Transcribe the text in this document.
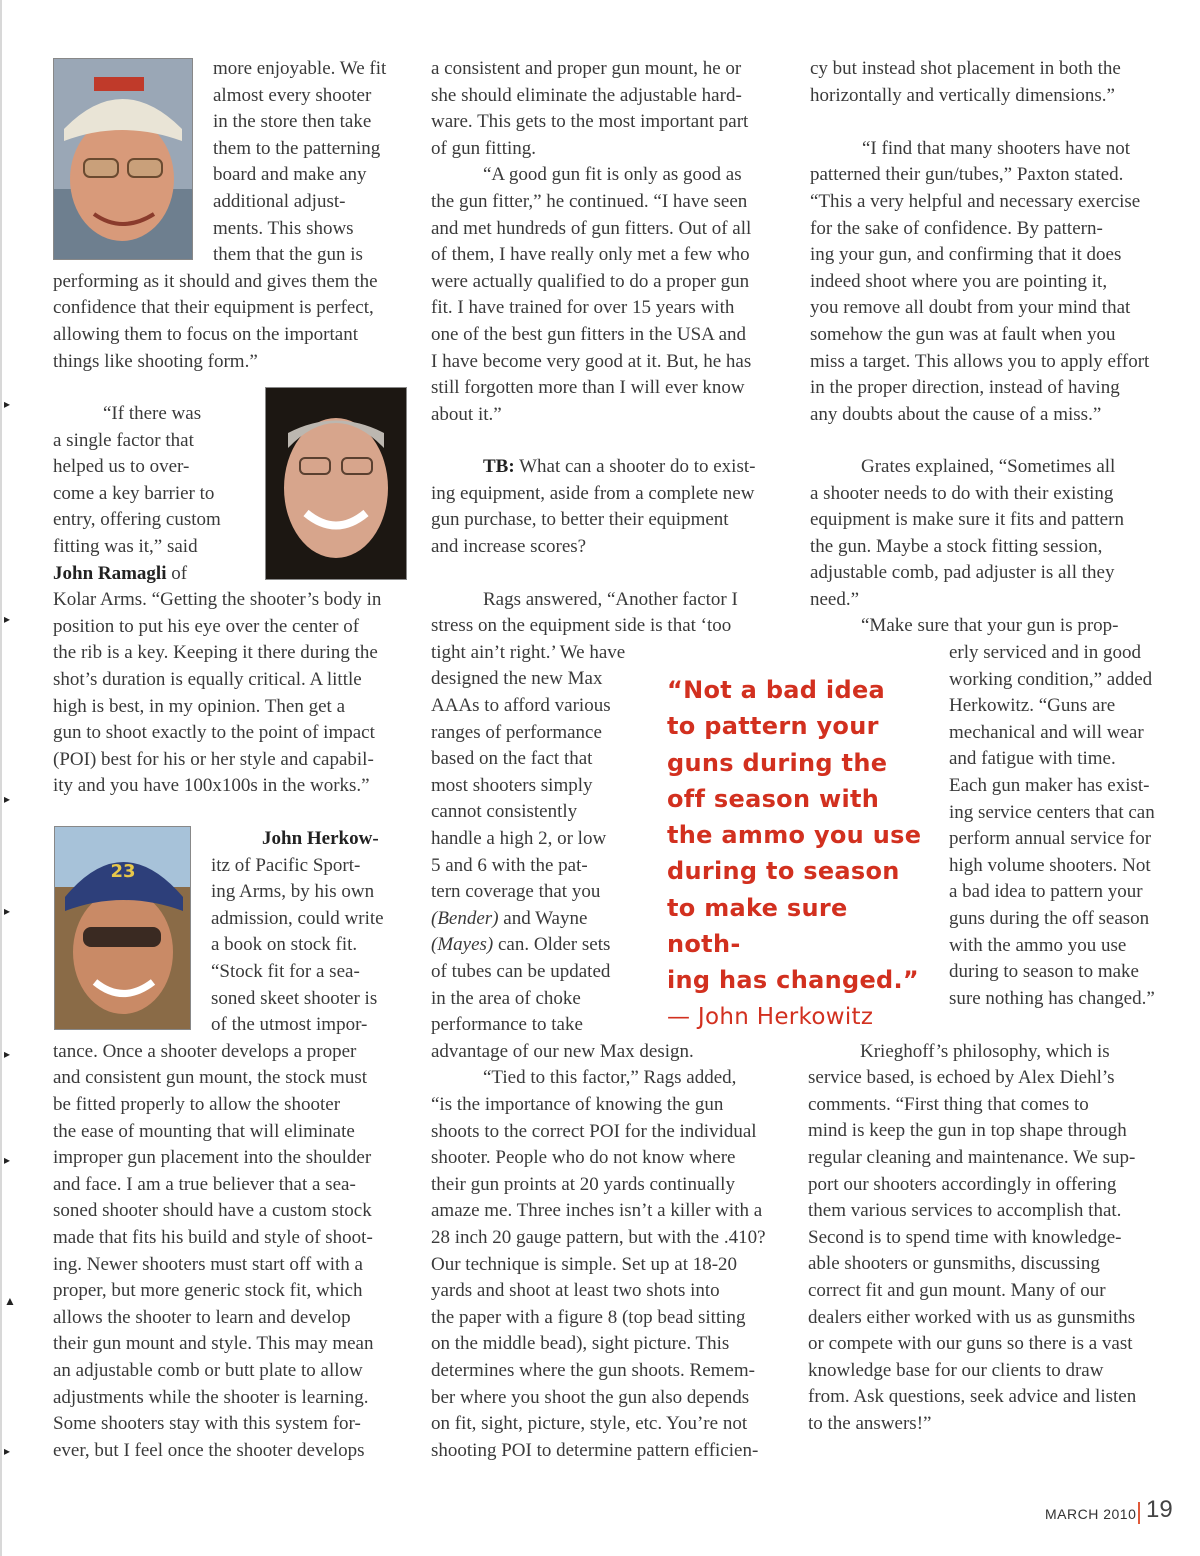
23
more enjoyable. We fit
almost every shooter
in the store then take
them to the patterning
board and make any
additional adjust-
ments. This shows
them that the gun is
performing as it should and gives them the
confidence that their equipment is perfect,
allowing them to focus on the important
things like shooting form.”
“If there was
a single factor that
helped us to over-
come a key barrier to
entry, offering custom
fitting was it,” said
John Ramagli of
Kolar Arms. “Getting the shooter’s body in
position to put his eye over the center of
the rib is a key. Keeping it there during the
shot’s duration is equally critical. A little
high is best, in my opinion. Then get a
gun to shoot exactly to the point of impact
(POI) best for his or her style and capabil-
ity and you have 100x100s in the works.”
John Herkow-
itz of Pacific Sport-
ing Arms, by his own
admission, could write
a book on stock fit.
“Stock fit for a sea-
soned skeet shooter is
of the utmost impor-
tance. Once a shooter develops a proper
and consistent gun mount, the stock must
be fitted properly to allow the shooter
the ease of mounting that will eliminate
improper gun placement into the shoulder
and face. I am a true believer that a sea-
soned shooter should have a custom stock
made that fits his build and style of shoot-
ing. Newer shooters must start off with a
proper, but more generic stock fit, which
allows the shooter to learn and develop
their gun mount and style. This may mean
an adjustable comb or butt plate to allow
adjustments while the shooter is learning.
Some shooters stay with this system for-
ever, but I feel once the shooter develops
a consistent and proper gun mount, he or
she should eliminate the adjustable hard-
ware. This gets to the most important part
of gun fitting.
“A good gun fit is only as good as
the gun fitter,” he continued. “I have seen
and met hundreds of gun fitters. Out of all
of them, I have really only met a few who
were actually qualified to do a proper gun
fit. I have trained for over 15 years with
one of the best gun fitters in the USA and
I have become very good at it. But, he has
still forgotten more than I will ever know
about it.”
TB: What can a shooter do to exist-
ing equipment, aside from a complete new
gun purchase, to better their equipment
and increase scores?
Rags answered, “Another factor I
stress on the equipment side is that ‘too
tight ain’t right.’ We have
designed the new Max
AAAs to afford various
ranges of performance
based on the fact that
most shooters simply
cannot consistently
handle a high 2, or low
5 and 6 with the pat-
tern coverage that you
(Bender) and Wayne
(Mayes) can. Older sets
of tubes can be updated
in the area of choke
performance to take
advantage of our new Max design.
“Tied to this factor,” Rags added,
“is the importance of knowing the gun
shoots to the correct POI for the individual
shooter. People who do not know where
their gun proints at 20 yards continually
amaze me. Three inches isn’t a killer with a
28 inch 20 gauge pattern, but with the .410?
Our technique is simple. Set up at 18-20
yards and shoot at least two shots into
the paper with a figure 8 (top bead sitting
on the middle bead), sight picture. This
determines where the gun shoots. Remem-
ber where you shoot the gun also depends
on fit, sight, picture, style, etc. You’re not
shooting POI to determine pattern efficien-
“Not a bad idea
to pattern your
guns during the
off season with
the ammo you use
during to season
to make sure noth-
ing has changed.”
— John Herkowitz
cy but instead shot placement in both the
horizontally and vertically dimensions.”
“I find that many shooters have not
patterned their gun/tubes,” Paxton stated.
“This a very helpful and necessary exercise
for the sake of confidence. By pattern-
ing your gun, and confirming that it does
indeed shoot where you are pointing it,
you remove all doubt from your mind that
somehow the gun was at fault when you
miss a target. This allows you to apply effort
in the proper direction, instead of having
any doubts about the cause of a miss.”
Grates explained, “Sometimes all
a shooter needs to do with their existing
equipment is make sure it fits and pattern
the gun. Maybe a stock fitting session,
adjustable comb, pad adjuster is all they
need.”
“Make sure that your gun is prop-
erly serviced and in good
working condition,” added
Herkowitz. “Guns are
mechanical and will wear
and fatigue with time.
Each gun maker has exist-
ing service centers that can
perform annual service for
high volume shooters. Not
a bad idea to pattern your
guns during the off season
with the ammo you use
during to season to make
sure nothing has changed.”
Krieghoff’s philosophy, which is
service based, is echoed by Alex Diehl’s
comments. “First thing that comes to
mind is keep the gun in top shape through
regular cleaning and maintenance. We sup-
port our shooters accordingly in offering
them various services to accomplish that.
Second is to spend time with knowledge-
able shooters or gunsmiths, discussing
correct fit and gun mount. Many of our
dealers either worked with us as gunsmiths
or compete with our guns so there is a vast
knowledge base for our clients to draw
from. Ask questions, seek advice and listen
to the answers!”
▸
▸
▸
▸
▸
▸
▲
▸
MARCH 2010 19
